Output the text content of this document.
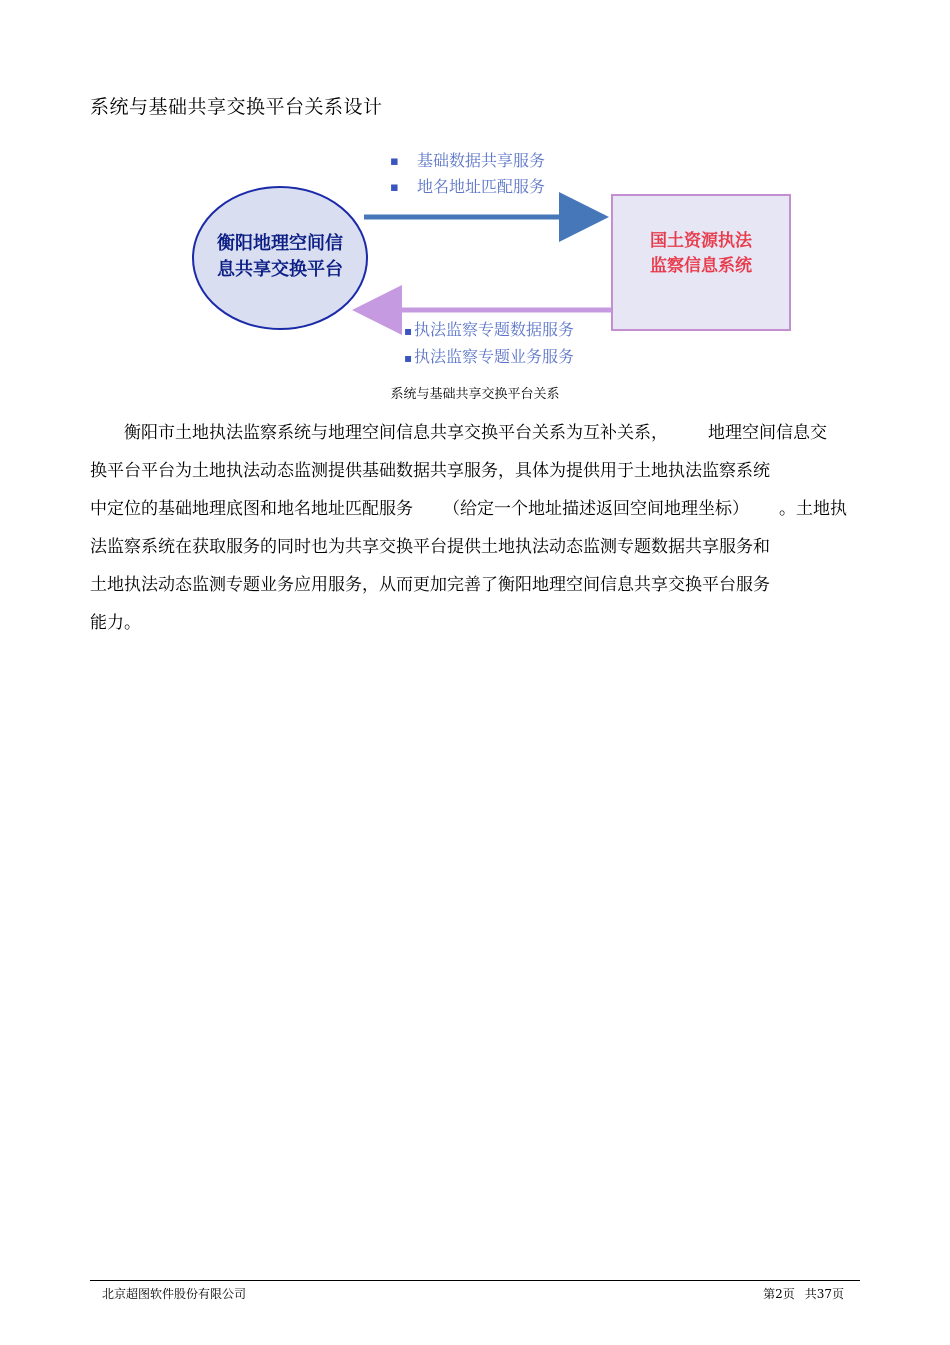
系统与基础共享交换平台关系设计
衡阳地理空间信
息共享交换平台
国土资源执法
监察信息系统
▪ 基础数据共享服务
▪ 地名地址匹配服务
▪ 执法监察专题数据服务
▪ 执法监察专题业务服务
系统与基础共享交换平台关系

衡阳市土地执法监察系统与地理空间信息共享交换平台关系为互补关系， 地理空间信息交

换平台平台为土地执法动态监测提供基础数据共享服务，具体为提供用于土地执法监察系统

中定位的基础地理底图和地名地址匹配服务 （给定一个地址描述返回空间地理坐标） 。土地执

法监察系统在获取服务的同时也为共享交换平台提供土地执法动态监测专题数据共享服务和

土地执法动态监测专题业务应用服务，从而更加完善了衡阳地理空间信息共享交换平台服务

能力。

北京超图软件股份有限公司	第2页 共37页
